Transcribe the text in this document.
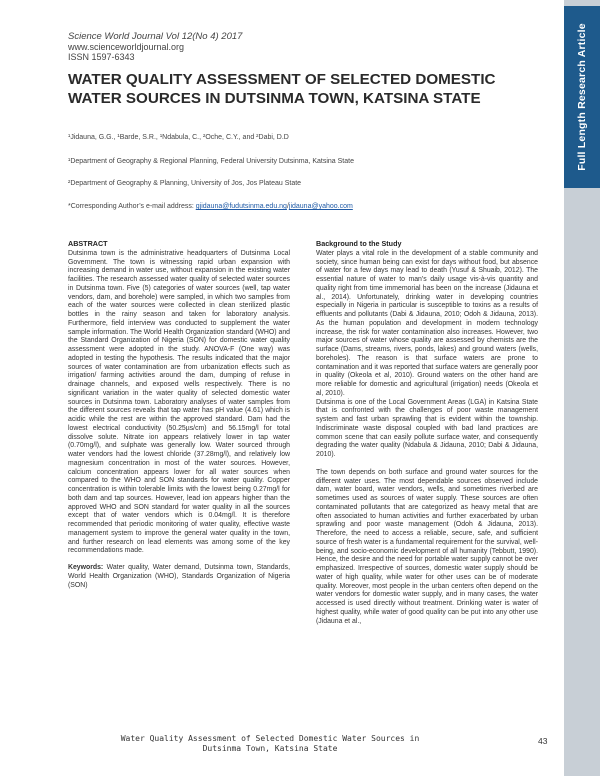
Full Length Research Article
Science World Journal Vol 12(No 4) 2017
www.scienceworldjournal.org
ISSN 1597-6343
WATER QUALITY ASSESSMENT OF SELECTED DOMESTIC
WATER SOURCES IN DUTSINMA TOWN, KATSINA STATE
¹Jidauna, G.G., ¹Barde, S.R., ¹Ndabula, C., ²Oche, C.Y., and ²Dabi, D.D
¹Department of Geography & Regional Planning, Federal University Dutsinma, Katsina State
²Department of Geography & Planning, University of Jos, Jos Plateau State
*Corresponding Author’s e-mail address: gjidauna@fudutsinma.edu.ng/jidauna@yahoo.com
ABSTRACT

Dutsinma town is the administrative headquarters of Dutsinma Local Government. The town is witnessing rapid urban expansion with increasing demand in water use, without expansion in the existing water facilities. The research assessed water quality of selected water sources in Dutsinma town. Five (5) categories of water sources (well, tap water vendors, dam, and borehole) were sampled, in which two samples from each of the water sources were collected in clean sterilized plastic bottles in the rainy season and taken for laboratory analysis. Furthermore, field interview was conducted to supplement the water sample information. The World Health Organization standard (WHO) and the Standard Organization of Nigeria (SON) for domestic water quality assessment were adopted in the study. ANOVA-F (One way) was adopted in testing the hypothesis. The results indicated that the major sources of water contamination are from urbanization effects such as irrigation/ farming activities around the dam, dumping of refuse in drainage channels, and exposed wells respectively. There is no significant variation in the water quality of selected domestic water sources in Dutsinma town. Laboratory analyses of water samples from the different sources reveals that tap water has pH value (4.61) which is acidic while the rest are within the approved standard. Dam had the lowest electrical conductivity (50.25µs/cm) and 56.15mg/l for total dissolve solute. Nitrate ion appears relatively lower in tap water (0.70mg/l), and sulphate was generally low. Water sourced through water vendors had the lowest chloride (37.28mg/l), and relatively low magnesium concentration in most of the water sources. However, calcium concentration appears lower for all water sources when compared to the WHO and SON standards for water quality. Copper concentration is within tolerable limits with the lowest being 0.27mg/l for both dam and tap sources. However, lead ion appears higher than the approved WHO and SON standard for water quality in all the sources except that of water vendors which is 0.04mg/l. It is therefore recommended that periodic monitoring of water quality, effective waste management system to improve the general water quality in the town, and further research on lead elements was among some of the key recommendations made.

Keywords: Water quality, Water demand, Dutsinma town, Standards, World Health Organization (WHO), Standards Organization of Nigeria (SON)

Background to the Study

Water plays a vital role in the development of a stable community and society, since human being can exist for days without food, but absence of water for a few days may lead to death (Yusuf & Shuaib, 2012). The essential nature of water to man’s daily usage vis-à-vis quantity and quality right from time immemorial has been on the increase (Jidauna et al., 2014). Unfortunately, drinking water in developing countries especially in Nigeria in particular is susceptible to toxins as a results of effluents and pollutants (Dabi & Jidauna, 2010; Odoh & Jidauna, 2013). As the human population and development in modern technology increase, the risk for water contamination also increases. However, two major sources of water whose quality are assessed by chemists are the surface (Dams, streams, rivers, ponds, lakes) and ground waters (wells, boreholes). The reason is that surface waters are prone to contamination and it was reported that surface waters are generally poor in quality (Okeola et al, 2010). Ground waters on the other hand are more reliable for domestic and agricultural (irrigation) needs (Okeola et al, 2010).

Dutsinma is one of the Local Government Areas (LGA) in Katsina State that is confronted with the challenges of poor waste management system and fast urban sprawling that is evident within the township. Indiscriminate waste disposal coupled with bad land practices are common scene that can easily pollute surface water, and consequently degrading the water quality (Ndabula & Jidauna, 2010; Dabi & Jidauna, 2010).

The town depends on both surface and ground water sources for the different water uses. The most dependable sources observed include dam, water board, water vendors, wells, and sometimes riverbed are sometimes used as sources of water supply. These sources are often contaminated pollutants that are categorized as heavy metal that are often associated to human activities and further exacerbated by urban sprawling and poor waste management (Odoh & Jidauna, 2013). Therefore, the need to access a reliable, secure, safe, and sufficient source of fresh water is a fundamental requirement for the survival, well-being, and socio-economic development of all humanity (Tebbutt, 1990). Hence, the desire and the need for portable water supply cannot be over emphasized. Irrespective of sources, domestic water supply should be water of high quality, while water for other uses can be of moderate quality. Moreover, most people in the urban centers often depend on the water vendors for domestic water supply, and in many cases, the water accessed is used directly without treatment. Drinking water is water of highest quality, while water of good quality can be put into any other use (Jidauna et al.,

Water Quality Assessment of Selected Domestic Water Sources in
Dutsinma Town, Katsina State
43
